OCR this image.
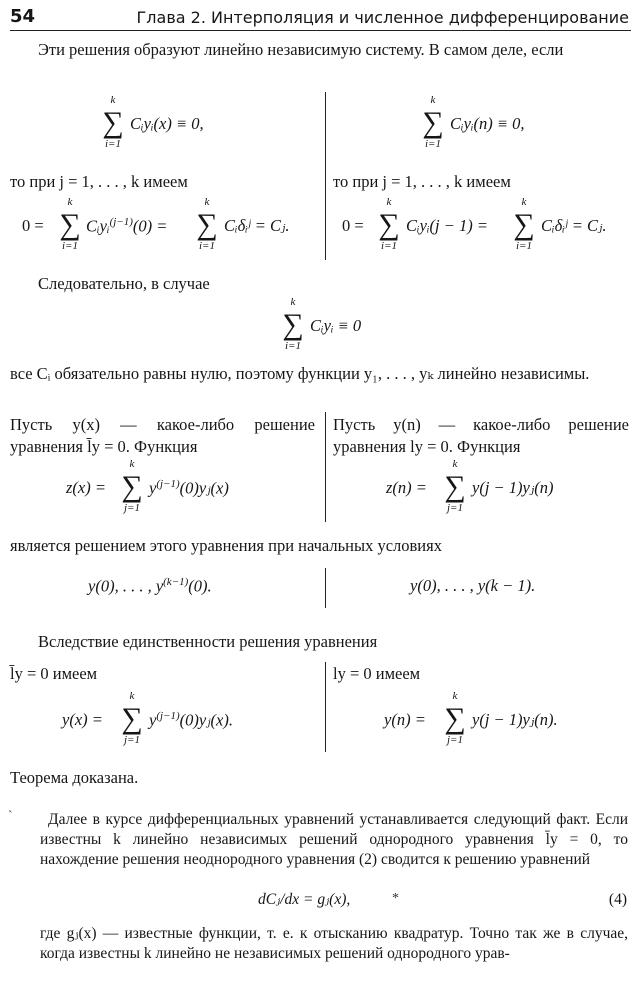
54	Глава 2. Интерполяция и численное дифференцирование
Эти решения образуют линейно независимую систему. В самом деле, если
k
∑
i=1
Cᵢyᵢ(x) ≡ 0,
k
∑
i=1
Cᵢyᵢ(n) ≡ 0,
то при j = 1, . . . , k имеем	то при j = 1, . . . , k имеем
0 =
k
∑
i=1
Cᵢyᵢ$^{(j-1)}$(0) =
k
∑
i=1
Cᵢδᵢʲ = Cⱼ.	0 =
k
∑
i=1
Cᵢyᵢ(j − 1) =
k
∑
i=1
Cᵢδᵢʲ = Cⱼ.
Следовательно, в случае
k
∑
i=1
Cᵢyᵢ ≡ 0
все Cᵢ обязательно равны нулю, поэтому функции y₁, . . . , yₖ линейно независимы.
Пусть y(x) — какое-либо решение уравнения l̄y = 0. Функция
Пусть y(n) — какое-либо решение уравнения ly = 0. Функция
z(x) =
k
∑
j=1
$y^{(j-1)}(0)yⱼ(x)$	z(n) =
k
∑
j=1
y(j − 1)yⱼ(n)
является решением этого уравнения при начальных условиях
y(0), . . . , $y^{(k-1)}(0)$.	y(0), . . . , y(k − 1).
Вследствие единственности решения уравнения
l̄y = 0 имеем	ly = 0 имеем
y(x) =
k
∑
j=1
$y^{(j-1)}(0)yⱼ(x)$.	y(n) =
k
∑
j=1
y(j − 1)yⱼ(n).
Теорема доказана.
`	Далее в курсе дифференциальных уравнений устанавливается следующий факт. Если известны k линейно независимых решений однородного уравнения l̄y = 0, то нахождение решения неоднородного уравнения (2) сводится к решению уравнений
dCⱼ/dx = gⱼ(x),	*	(4)
где gⱼ(x) — известные функции, т. е. к отысканию квадратур. Точно так же в случае, когда известны k линейно не независимых решений однородного урав-
